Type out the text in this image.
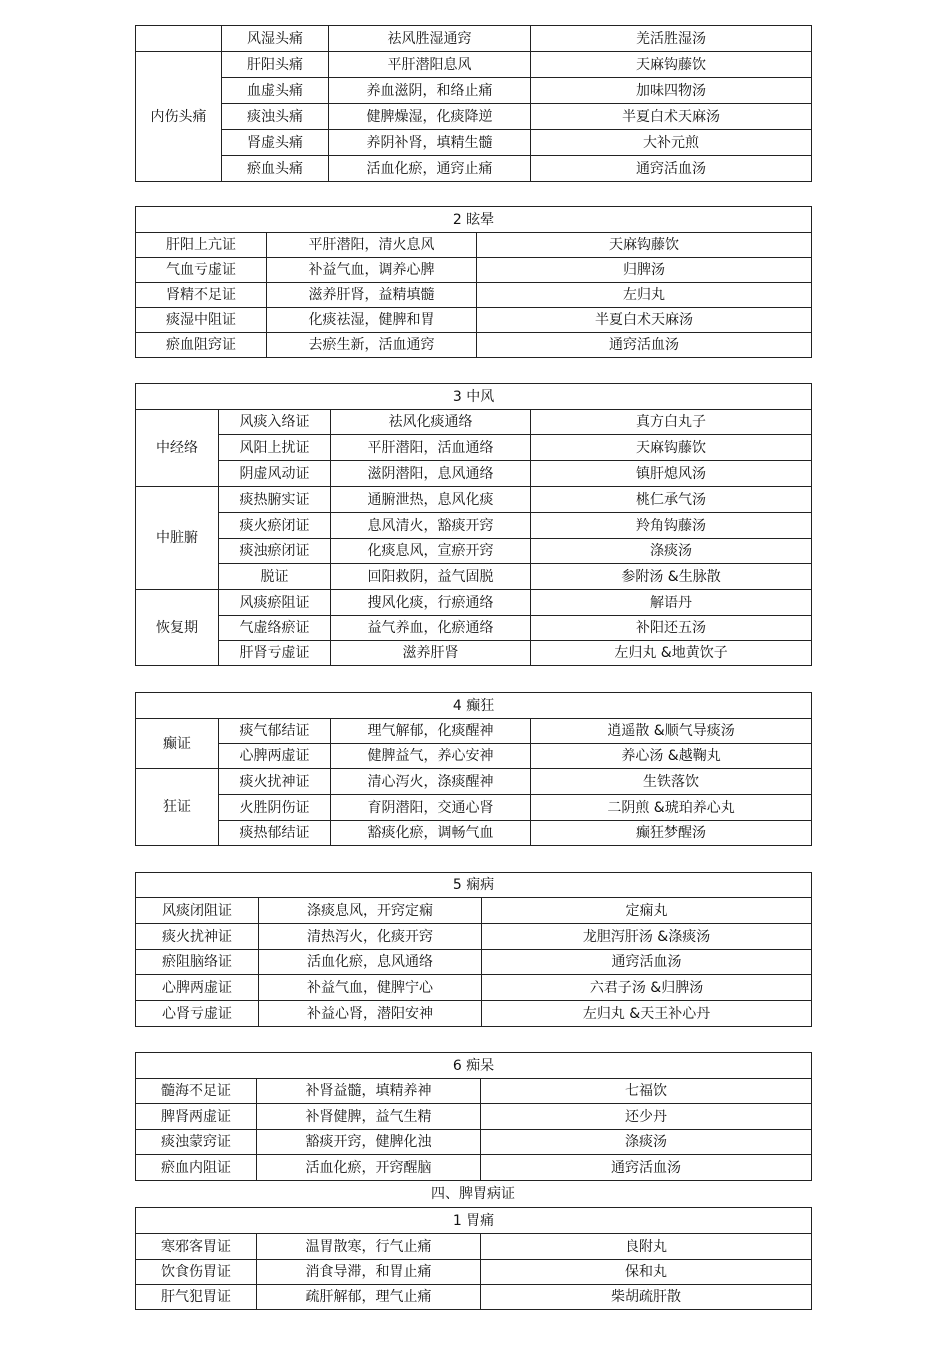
	风湿头痛	祛风胜湿通窍	羌活胜湿汤
内伤头痛	肝阳头痛	平肝潜阳息风	天麻钩藤饮
	血虚头痛	养血滋阴，和络止痛	加味四物汤
	痰浊头痛	健脾燥湿，化痰降逆	半夏白术天麻汤
	肾虚头痛	养阴补肾，填精生髓	大补元煎
	瘀血头痛	活血化瘀，通窍止痛	通窍活血汤
2 眩晕		
肝阳上亢证	平肝潜阳，清火息风	天麻钩藤饮
气血亏虚证	补益气血，调养心脾	归脾汤
肾精不足证	滋养肝肾，益精填髓	左归丸
痰湿中阻证	化痰祛湿，健脾和胃	半夏白术天麻汤
瘀血阻窍证	去瘀生新，活血通窍	通窍活血汤
3 中风			
中经络	风痰入络证	祛风化痰通络	真方白丸子
	风阳上扰证	平肝潜阳，活血通络	天麻钩藤饮
	阴虚风动证	滋阴潜阳，息风通络	镇肝熄风汤
中脏腑	痰热腑实证	通腑泄热，息风化痰	桃仁承气汤
	痰火瘀闭证	息风清火，豁痰开窍	羚角钩藤汤
	痰浊瘀闭证	化痰息风，宣瘀开窍	涤痰汤
	脱证	回阳救阴，益气固脱	参附汤 &生脉散
恢复期	风痰瘀阻证	搜风化痰，行瘀通络	解语丹
	气虚络瘀证	益气养血，化瘀通络	补阳还五汤
	肝肾亏虚证	滋养肝肾	左归丸 &地黄饮子
4 癫狂			
癫证	痰气郁结证	理气解郁，化痰醒神	逍遥散 &顺气导痰汤
	心脾两虚证	健脾益气，养心安神	养心汤 &越鞠丸
狂证	痰火扰神证	清心泻火，涤痰醒神	生铁落饮
	火胜阴伤证	育阴潜阳，交通心肾	二阴煎 &琥珀养心丸
	痰热郁结证	豁痰化瘀，调畅气血	癫狂梦醒汤
5 痫病		
风痰闭阻证	涤痰息风，开窍定痫	定痫丸
痰火扰神证	清热泻火，化痰开窍	龙胆泻肝汤 &涤痰汤
瘀阻脑络证	活血化瘀，息风通络	通窍活血汤
心脾两虚证	补益气血，健脾宁心	六君子汤 &归脾汤
心肾亏虚证	补益心肾，潜阳安神	左归丸 &天王补心丹
6 痴呆		
髓海不足证	补肾益髓，填精养神	七福饮
脾肾两虚证	补肾健脾，益气生精	还少丹
痰浊蒙窍证	豁痰开窍，健脾化浊	涤痰汤
瘀血内阻证	活血化瘀，开窍醒脑	通窍活血汤
四、脾胃病证
1 胃痛		
寒邪客胃证	温胃散寒，行气止痛	良附丸
饮食伤胃证	消食导滞，和胃止痛	保和丸
肝气犯胃证	疏肝解郁，理气止痛	柴胡疏肝散
